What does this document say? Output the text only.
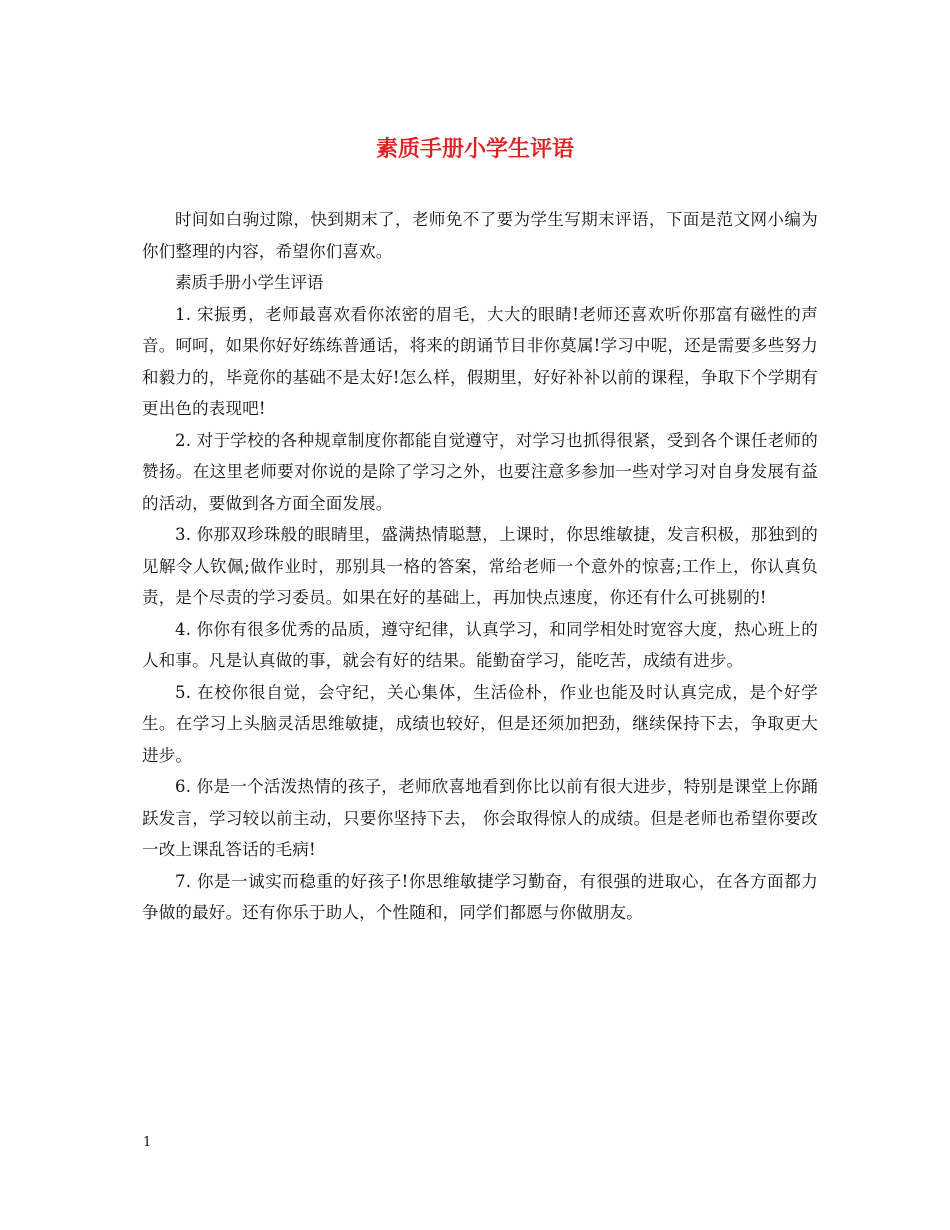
素质手册小学生评语

时间如白驹过隙，快到期末了，老师免不了要为学生写期末评语，下面是范文网小编为你们整理的内容，希望你们喜欢。

素质手册小学生评语

1. 宋振勇，老师最喜欢看你浓密的眉毛，大大的眼睛!老师还喜欢听你那富有磁性的声音。呵呵，如果你好好练练普通话，将来的朗诵节目非你莫属!学习中呢，还是需要多些努力和毅力的，毕竟你的基础不是太好!怎么样，假期里，好好补补以前的课程，争取下个学期有更出色的表现吧!

2. 对于学校的各种规章制度你都能自觉遵守，对学习也抓得很紧，受到各个课任老师的赞扬。在这里老师要对你说的是除了学习之外，也要注意多参加一些对学习对自身发展有益的活动，要做到各方面全面发展。

3. 你那双珍珠般的眼睛里，盛满热情聪慧，上课时，你思维敏捷，发言积极，那独到的见解令人钦佩;做作业时，那别具一格的答案，常给老师一个意外的惊喜;工作上，你认真负责，是个尽责的学习委员。如果在好的基础上，再加快点速度，你还有什么可挑剔的!

4. 你你有很多优秀的品质，遵守纪律，认真学习，和同学相处时宽容大度，热心班上的人和事。凡是认真做的事，就会有好的结果。能勤奋学习，能吃苦，成绩有进步。

5. 在校你很自觉，会守纪，关心集体，生活俭朴，作业也能及时认真完成，是个好学生。在学习上头脑灵活思维敏捷，成绩也较好，但是还须加把劲，继续保持下去，争取更大进步。

6. 你是一个活泼热情的孩子，老师欣喜地看到你比以前有很大进步，特别是课堂上你踊跃发言，学习较以前主动，只要你坚持下去， 你会取得惊人的成绩。但是老师也希望你要改一改上课乱答话的毛病!

7. 你是一诚实而稳重的好孩子!你思维敏捷学习勤奋，有很强的进取心，在各方面都力争做的最好。还有你乐于助人，个性随和，同学们都愿与你做朋友。

1
